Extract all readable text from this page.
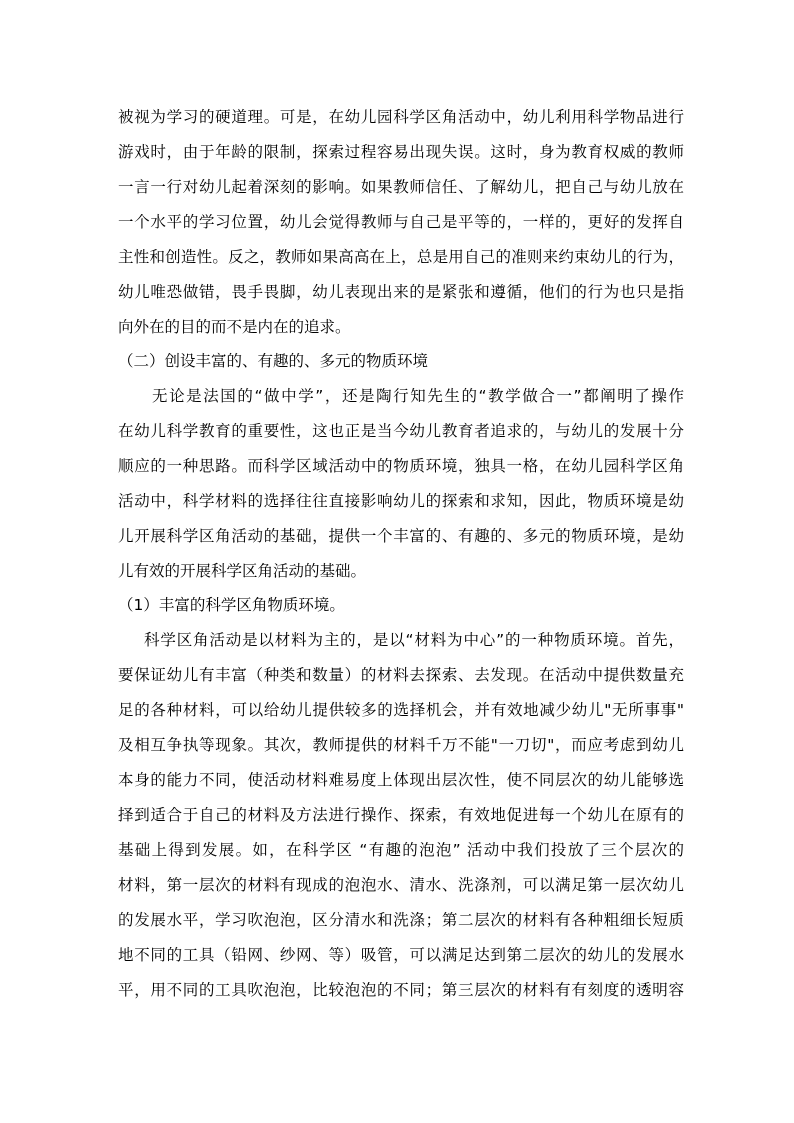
被视为学习的硬道理。可是，在幼儿园科学区角活动中，幼儿利用科学物品进行
游戏时，由于年龄的限制，探索过程容易出现失误。这时，身为教育权威的教师
一言一行对幼儿起着深刻的影响。如果教师信任、了解幼儿，把自己与幼儿放在
一个水平的学习位置，幼儿会觉得教师与自己是平等的，一样的，更好的发挥自
主性和创造性。反之，教师如果高高在上，总是用自己的准则来约束幼儿的行为，
幼儿唯恐做错，畏手畏脚，幼儿表现出来的是紧张和遵循，他们的行为也只是指
向外在的目的而不是内在的追求。
（二）创设丰富的、有趣的、多元的物质环境
无论是法国的“做中学”，还是陶行知先生的“教学做合一”都阐明了操作
在幼儿科学教育的重要性，这也正是当今幼儿教育者追求的，与幼儿的发展十分
顺应的一种思路。而科学区域活动中的物质环境，独具一格，在幼儿园科学区角
活动中，科学材料的选择往往直接影响幼儿的探索和求知，因此，物质环境是幼
儿开展科学区角活动的基础，提供一个丰富的、有趣的、多元的物质环境，是幼
儿有效的开展科学区角活动的基础。
（1）丰富的科学区角物质环境。
科学区角活动是以材料为主的，是以“材料为中心”的一种物质环境。首先，
要保证幼儿有丰富（种类和数量）的材料去探索、去发现。在活动中提供数量充
足的各种材料，可以给幼儿提供较多的选择机会，并有效地减少幼儿"无所事事"
及相互争执等现象。其次，教师提供的材料千万不能"一刀切"，而应考虑到幼儿
本身的能力不同，使活动材料难易度上体现出层次性，使不同层次的幼儿能够选
择到适合于自己的材料及方法进行操作、探索，有效地促进每一个幼儿在原有的
基础上得到发展。如，在科学区 “有趣的泡泡” 活动中我们投放了三个层次的
材料，第一层次的材料有现成的泡泡水、清水、洗涤剂，可以满足第一层次幼儿
的发展水平，学习吹泡泡，区分清水和洗涤；第二层次的材料有各种粗细长短质
地不同的工具（铅网、纱网、等）吸管，可以满足达到第二层次的幼儿的发展水
平，用不同的工具吹泡泡，比较泡泡的不同；第三层次的材料有有刻度的透明容
